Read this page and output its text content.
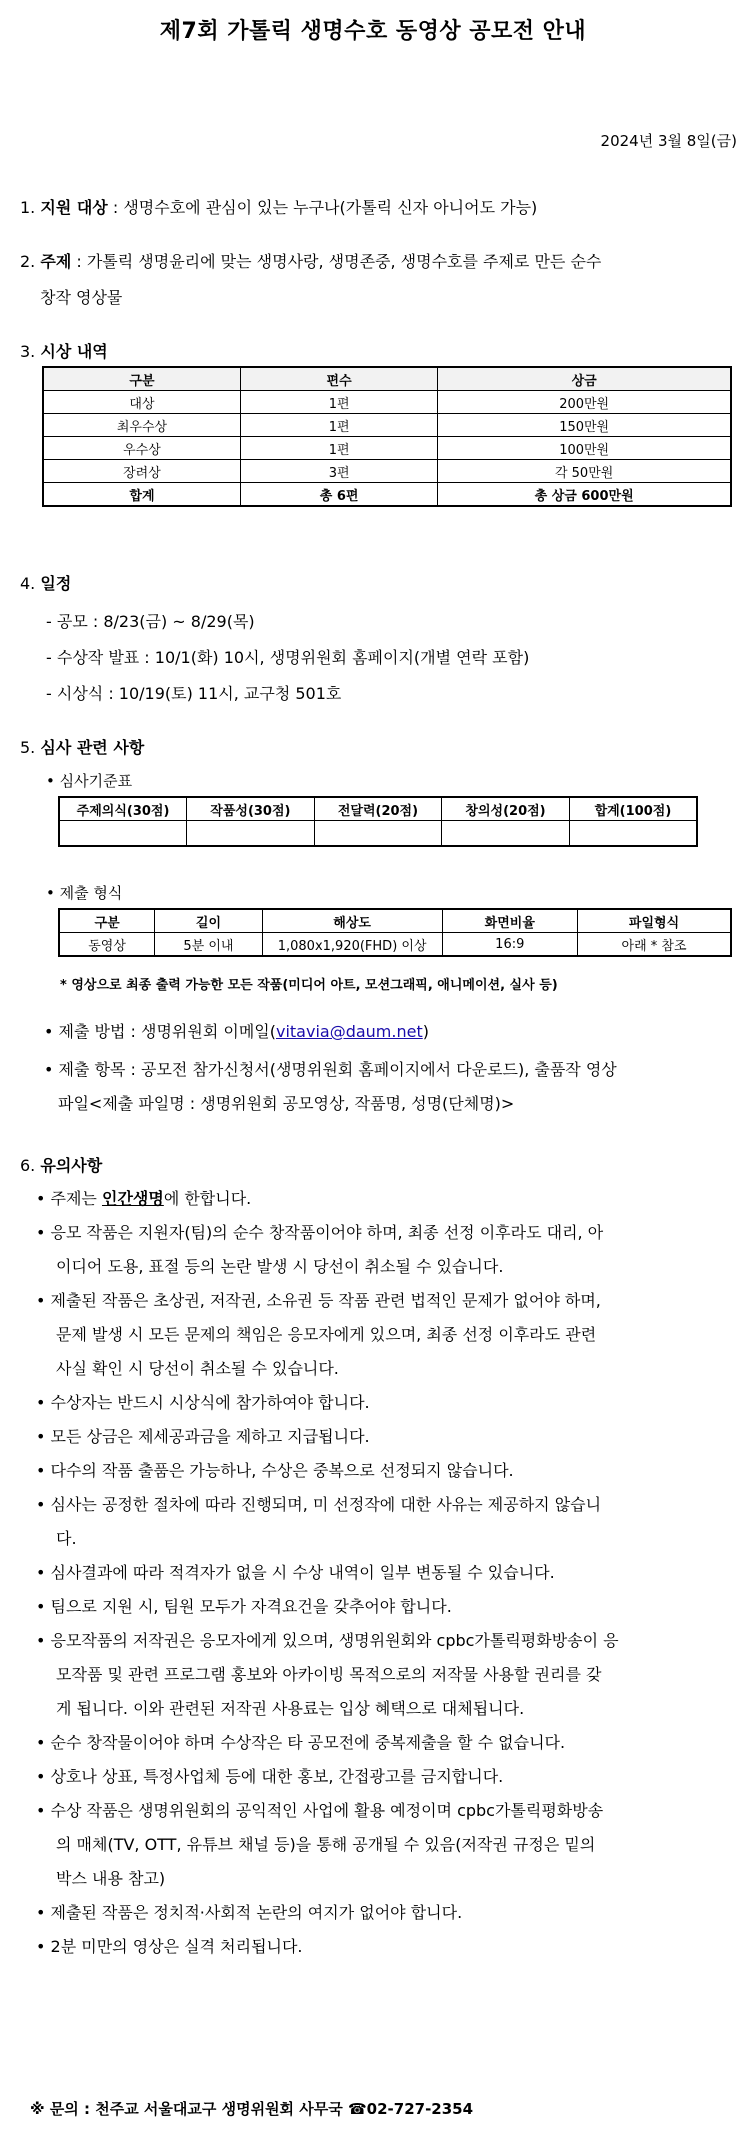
제7회 가톨릭 생명수호 동영상 공모전 안내
2024년 3월 8일(금)
1. 지원 대상 : 생명수호에 관심이 있는 누구나(가톨릭 신자 아니어도 가능)
2. 주제 : 가톨릭 생명윤리에 맞는 생명사랑, 생명존중, 생명수호를 주제로 만든 순수
창작 영상물
3. 시상 내역
구분	편수	상금
대상	1편	200만원
최우수상	1편	150만원
우수상	1편	100만원
장려상	3편	각 50만원
합계	총 6편	총 상금 600만원
4. 일정
- 공모 : 8/23(금) ~ 8/29(목)
- 수상작 발표 : 10/1(화) 10시, 생명위원회 홈페이지(개별 연락 포함)
- 시상식 : 10/19(토) 11시, 교구청 501호
5. 심사 관련 사항
• 심사기준표
주제의식(30점)	작품성(30점)	전달력(20점)	창의성(20점)	합계(100점)

• 제출 형식
구분	길이	해상도	화면비율	파일형식
동영상	5분 이내	1,080x1,920(FHD) 이상	16:9	아래 * 참조
* 영상으로 최종 출력 가능한 모든 작품(미디어 아트, 모션그래픽, 애니메이션, 실사 등)
• 제출 방법 : 생명위원회 이메일(vitavia@daum.net)
• 제출 항목 : 공모전 참가신청서(생명위원회 홈페이지에서 다운로드), 출품작 영상
파일<제출 파일명 : 생명위원회 공모영상, 작품명, 성명(단체명)>
6. 유의사항
• 주제는 인간생명에 한합니다.
• 응모 작품은 지원자(팀)의 순수 창작품이어야 하며, 최종 선정 이후라도 대리, 아
이디어 도용, 표절 등의 논란 발생 시 당선이 취소될 수 있습니다.
• 제출된 작품은 초상권, 저작권, 소유권 등 작품 관련 법적인 문제가 없어야 하며,
문제 발생 시 모든 문제의 책임은 응모자에게 있으며, 최종 선정 이후라도 관련
사실 확인 시 당선이 취소될 수 있습니다.
• 수상자는 반드시 시상식에 참가하여야 합니다.
• 모든 상금은 제세공과금을 제하고 지급됩니다.
• 다수의 작품 출품은 가능하나, 수상은 중복으로 선정되지 않습니다.
• 심사는 공정한 절차에 따라 진행되며, 미 선정작에 대한 사유는 제공하지 않습니
다.
• 심사결과에 따라 적격자가 없을 시 수상 내역이 일부 변동될 수 있습니다.
• 팀으로 지원 시, 팀원 모두가 자격요건을 갖추어야 합니다.
• 응모작품의 저작권은 응모자에게 있으며, 생명위원회와 cpbc가톨릭평화방송이 응
모작품 및 관련 프로그램 홍보와 아카이빙 목적으로의 저작물 사용할 권리를 갖
게 됩니다. 이와 관련된 저작권 사용료는 입상 혜택으로 대체됩니다.
• 순수 창작물이어야 하며 수상작은 타 공모전에 중복제출을 할 수 없습니다.
• 상호나 상표, 특정사업체 등에 대한 홍보, 간접광고를 금지합니다.
• 수상 작품은 생명위원회의 공익적인 사업에 활용 예정이며 cpbc가톨릭평화방송
의 매체(TV, OTT, 유튜브 채널 등)을 통해 공개될 수 있음(저작권 규정은 밑의
박스 내용 참고)
• 제출된 작품은 정치적·사회적 논란의 여지가 없어야 합니다.
• 2분 미만의 영상은 실격 처리됩니다.
※ 문의 : 천주교 서울대교구 생명위원회 사무국 ☎02-727-2354
